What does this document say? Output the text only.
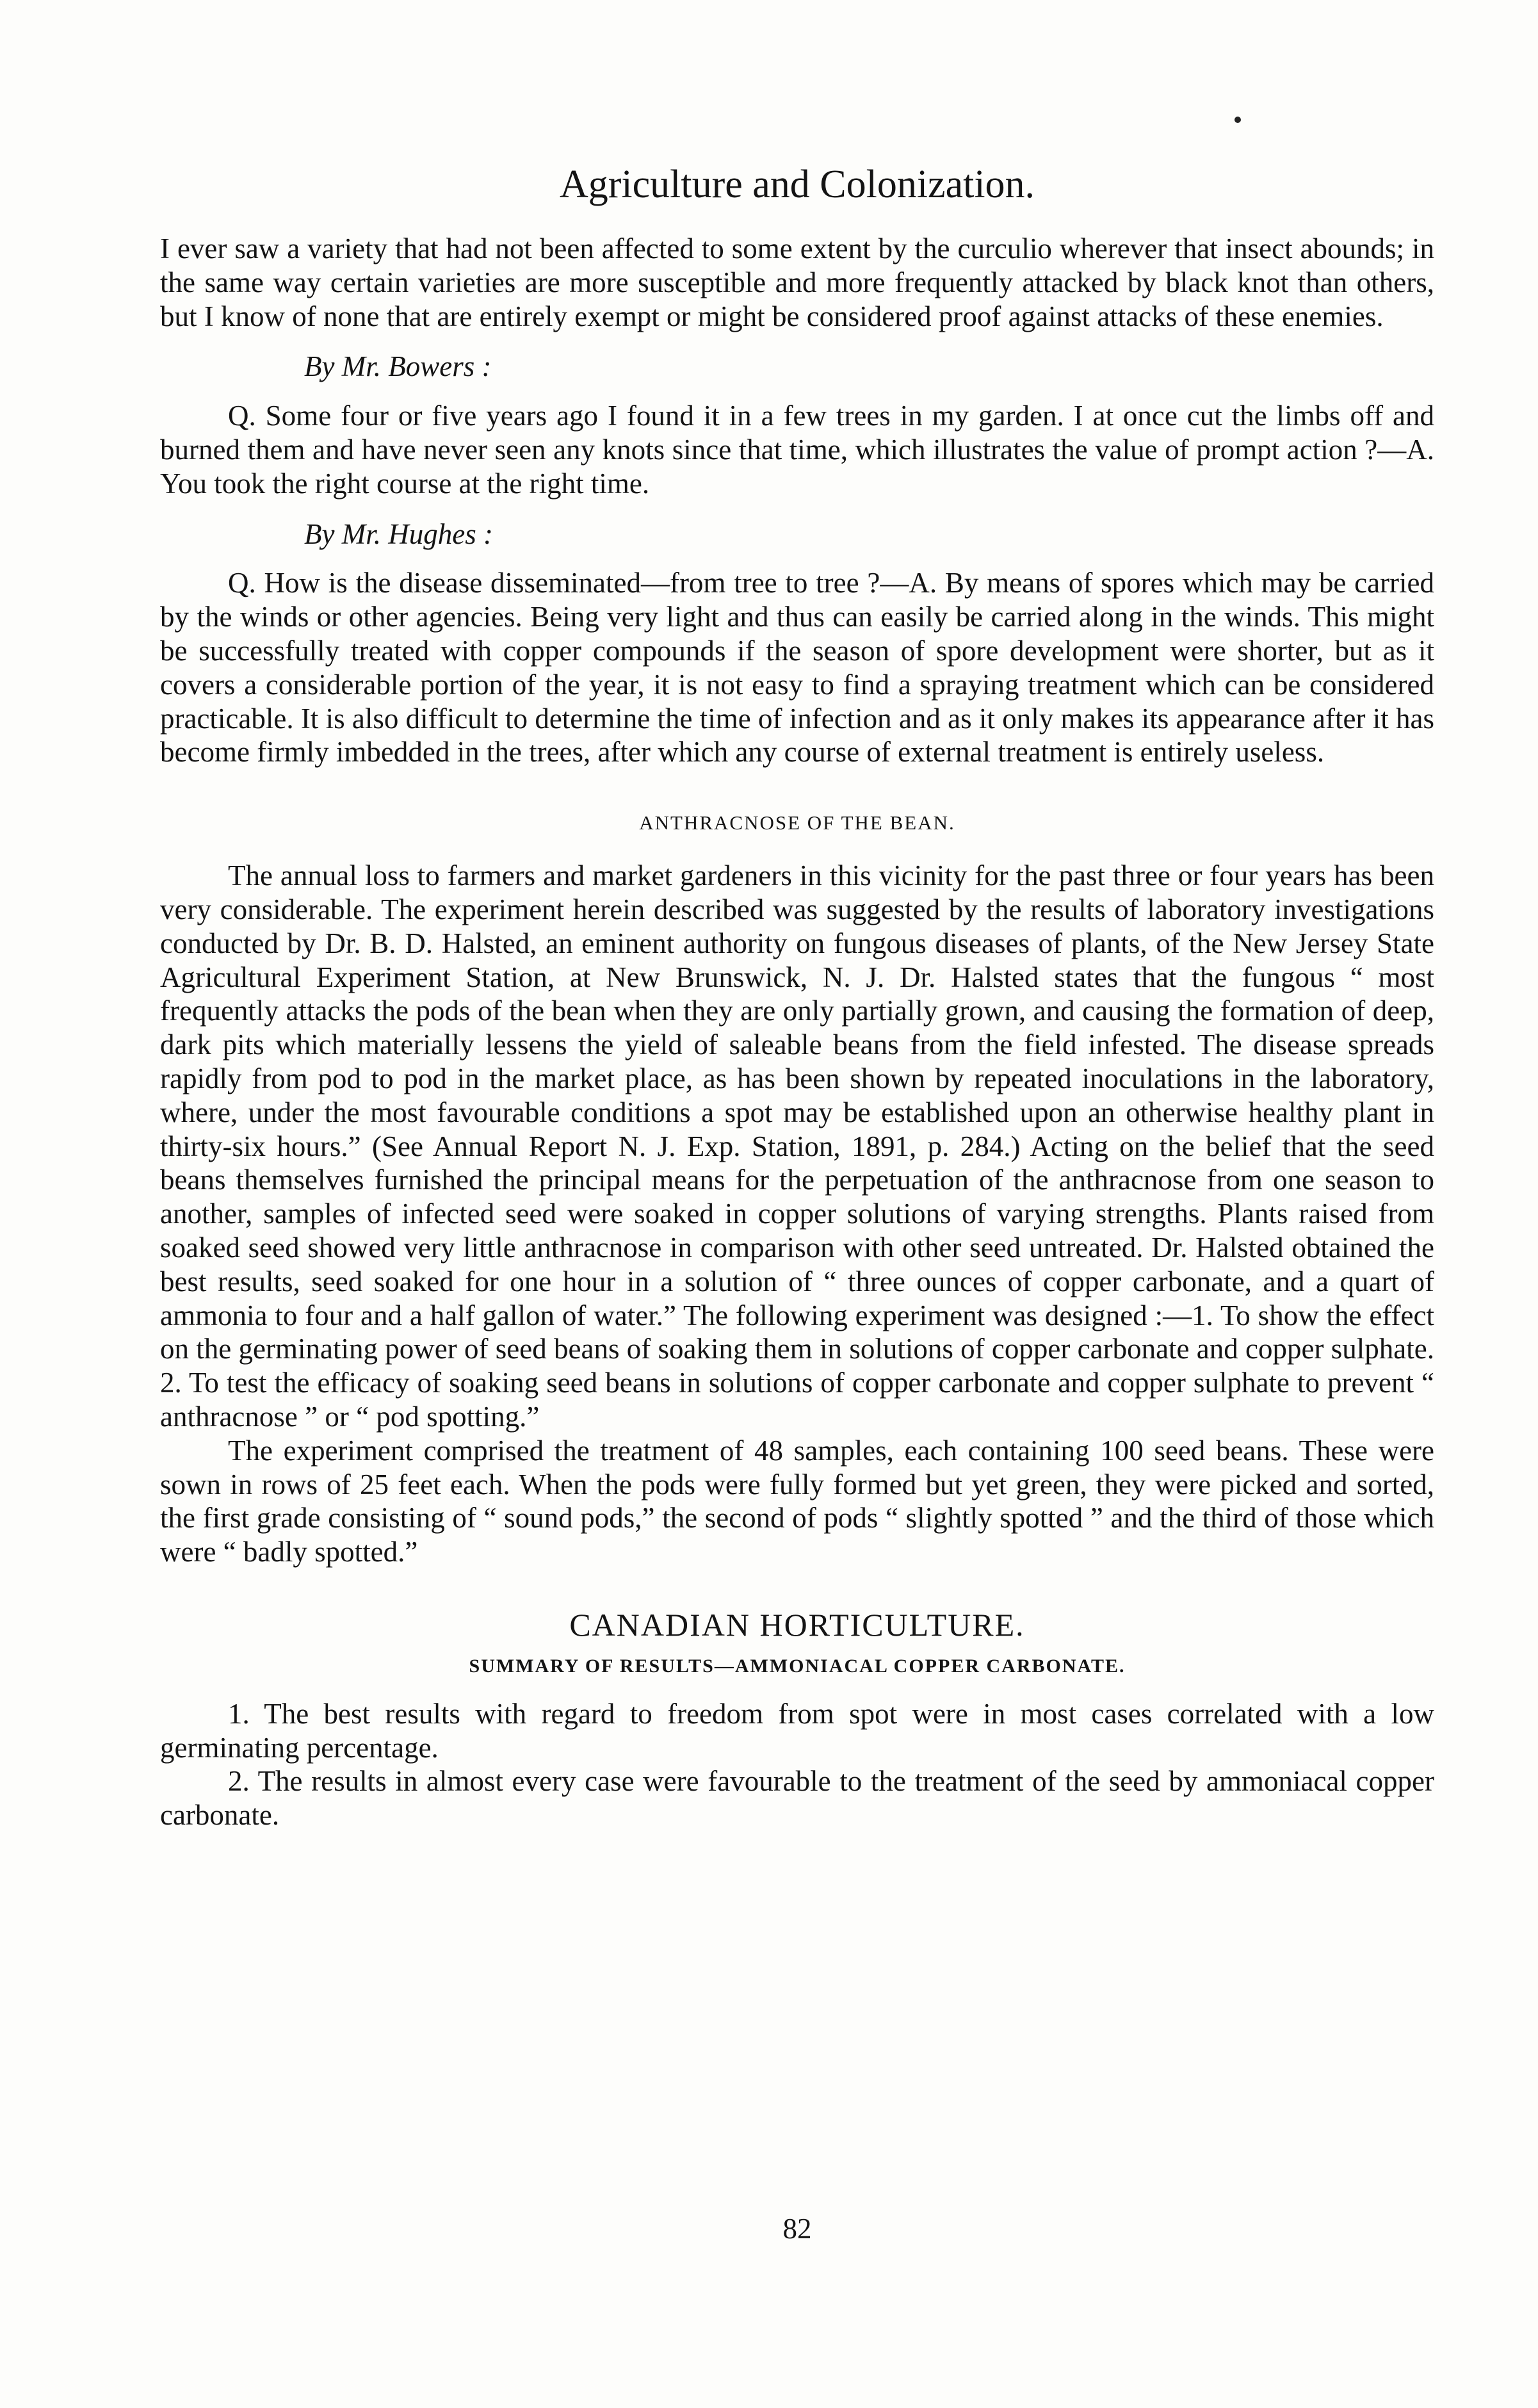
Agriculture and Colonization.

I ever saw a variety that had not been affected to some extent by the curculio wherever that insect abounds; in the same way certain varieties are more susceptible and more frequently attacked by black knot than others, but I know of none that are entirely exempt or might be considered proof against attacks of these enemies.

By Mr. Bowers :

Q. Some four or five years ago I found it in a few trees in my garden. I at once cut the limbs off and burned them and have never seen any knots since that time, which illustrates the value of prompt action ?—A. You took the right course at the right time.

By Mr. Hughes :

Q. How is the disease disseminated—from tree to tree ?—A. By means of spores which may be carried by the winds or other agencies. Being very light and thus can easily be carried along in the winds. This might be successfully treated with copper compounds if the season of spore development were shorter, but as it covers a considerable portion of the year, it is not easy to find a spraying treatment which can be considered practicable. It is also difficult to determine the time of infection and as it only makes its appearance after it has become firmly imbedded in the trees, after which any course of external treatment is entirely useless.

ANTHRACNOSE OF THE BEAN.

The annual loss to farmers and market gardeners in this vicinity for the past three or four years has been very considerable. The experiment herein described was suggested by the results of laboratory investigations conducted by Dr. B. D. Halsted, an eminent authority on fungous diseases of plants, of the New Jersey State Agricultural Experiment Station, at New Brunswick, N. J. Dr. Halsted states that the fungous “ most frequently attacks the pods of the bean when they are only partially grown, and causing the formation of deep, dark pits which materially lessens the yield of saleable beans from the field infested. The disease spreads rapidly from pod to pod in the market place, as has been shown by repeated inoculations in the laboratory, where, under the most favourable conditions a spot may be established upon an otherwise healthy plant in thirty-six hours.” (See Annual Report N. J. Exp. Station, 1891, p. 284.) Acting on the belief that the seed beans themselves furnished the principal means for the perpetuation of the anthracnose from one season to another, samples of infected seed were soaked in copper solutions of varying strengths. Plants raised from soaked seed showed very little anthracnose in comparison with other seed untreated. Dr. Halsted obtained the best results, seed soaked for one hour in a solution of “ three ounces of copper carbonate, and a quart of ammonia to four and a half gallon of water.” The following experiment was designed :—1. To show the effect on the germinating power of seed beans of soaking them in solutions of copper carbonate and copper sulphate. 2. To test the efficacy of soaking seed beans in solutions of copper carbonate and copper sulphate to prevent “ anthracnose ” or “ pod spotting.”

The experiment comprised the treatment of 48 samples, each containing 100 seed beans. These were sown in rows of 25 feet each. When the pods were fully formed but yet green, they were picked and sorted, the first grade consisting of “ sound pods,” the second of pods “ slightly spotted ” and the third of those which were “ badly spotted.”

CANADIAN HORTICULTURE.

SUMMARY OF RESULTS—AMMONIACAL COPPER CARBONATE.

1. The best results with regard to freedom from spot were in most cases correlated with a low germinating percentage.

2. The results in almost every case were favourable to the treatment of the seed by ammoniacal copper carbonate.

82
